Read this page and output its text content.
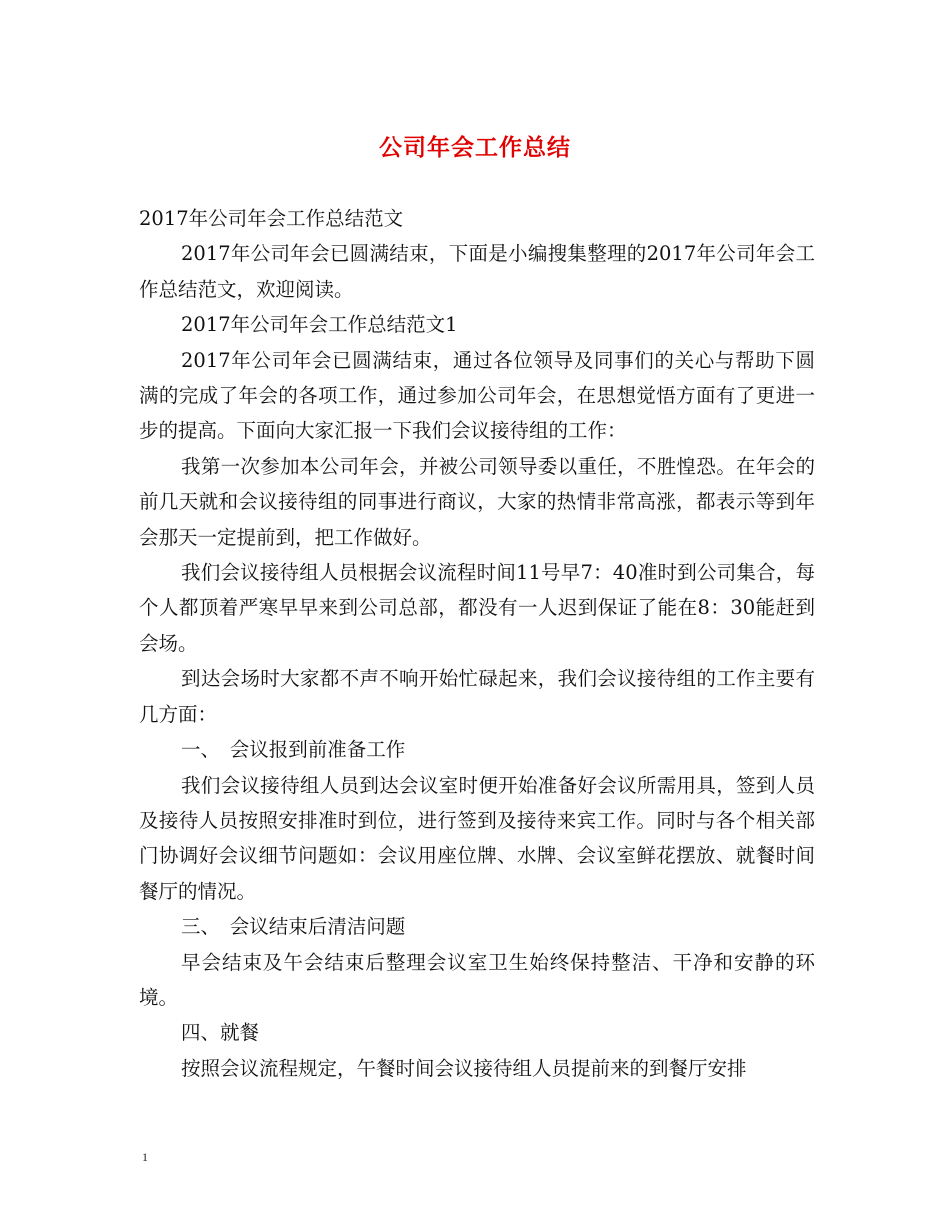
公司年会工作总结

2017年公司年会工作总结范文

2017年公司年会已圆满结束，下面是小编搜集整理的2017年公司年会工作总结范文，欢迎阅读。

2017年公司年会工作总结范文1

2017年公司年会已圆满结束，通过各位领导及同事们的关心与帮助下圆满的完成了年会的各项工作，通过参加公司年会，在思想觉悟方面有了更进一步的提高。下面向大家汇报一下我们会议接待组的工作：

我第一次参加本公司年会，并被公司领导委以重任，不胜惶恐。在年会的前几天就和会议接待组的同事进行商议，大家的热情非常高涨，都表示等到年会那天一定提前到，把工作做好。

我们会议接待组人员根据会议流程时间11号早7：40准时到公司集合，每个人都顶着严寒早早来到公司总部，都没有一人迟到保证了能在8：30能赶到会场。

到达会场时大家都不声不响开始忙碌起来，我们会议接待组的工作主要有几方面：

一、　会议报到前准备工作

我们会议接待组人员到达会议室时便开始准备好会议所需用具，签到人员及接待人员按照安排准时到位，进行签到及接待来宾工作。同时与各个相关部门协调好会议细节问题如：会议用座位牌、水牌、会议室鲜花摆放、就餐时间餐厅的情况。

三、　会议结束后清洁问题

早会结束及午会结束后整理会议室卫生始终保持整洁、干净和安静的环境。

四、就餐

按照会议流程规定，午餐时间会议接待组人员提前来的到餐厅安排

1
